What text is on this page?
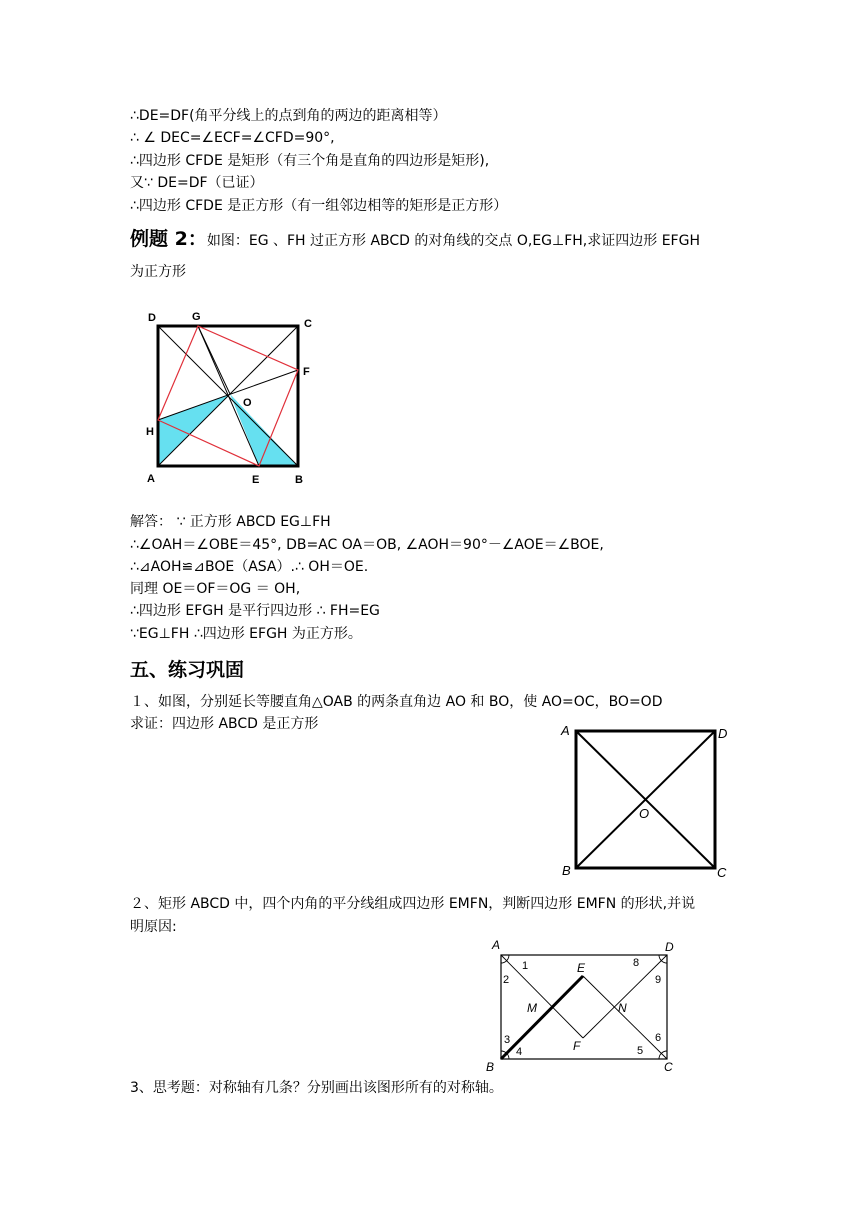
∴DE=DF(角平分线上的点到角的两边的距离相等）
∴ ∠ DEC=∠ECF=∠CFD=90°,
∴四边形 CFDE 是矩形（有三个角是直角的四边形是矩形),
又∵ DE=DF（已证）
∴四边形 CFDE 是正方形（有一组邻边相等的矩形是正方形）
例题 2：如图：EG 、FH 过正方形 ABCD 的对角线的交点 O,EG⊥FH,求证四边形 EFGH
为正方形
D	G
C
F
O
H
A	E	B
解答： ∵ 正方形 ABCD EG⊥FH
∴∠OAH＝∠OBE＝45°, DB=AC OA＝OB, ∠AOH＝90°－∠AOE＝∠BOE,
∴⊿AOH≌⊿BOE（ASA）.∴ OH＝OE.
同理 OE＝OF＝OG ＝ OH,
∴四边形 EFGH 是平行四边形 ∴ FH=EG
∵EG⊥FH ∴四边形 EFGH 为正方形。
五、练习巩固
１、如图，分别延长等腰直角△OAB 的两条直角边 AO 和 BO，使 AO=OC，BO=OD
求证：四边形 ABCD 是正方形	A	D
O
B	C
２、矩形 ABCD 中，四个内角的平分线组成四边形 EMFN，判断四边形 EMFN 的形状,并说
明原因:
A	D
E
M	N
F
B	C
1
2
3
4	5
6
8
9
3、思考题：对称轴有几条？分别画出该图形所有的对称轴。
